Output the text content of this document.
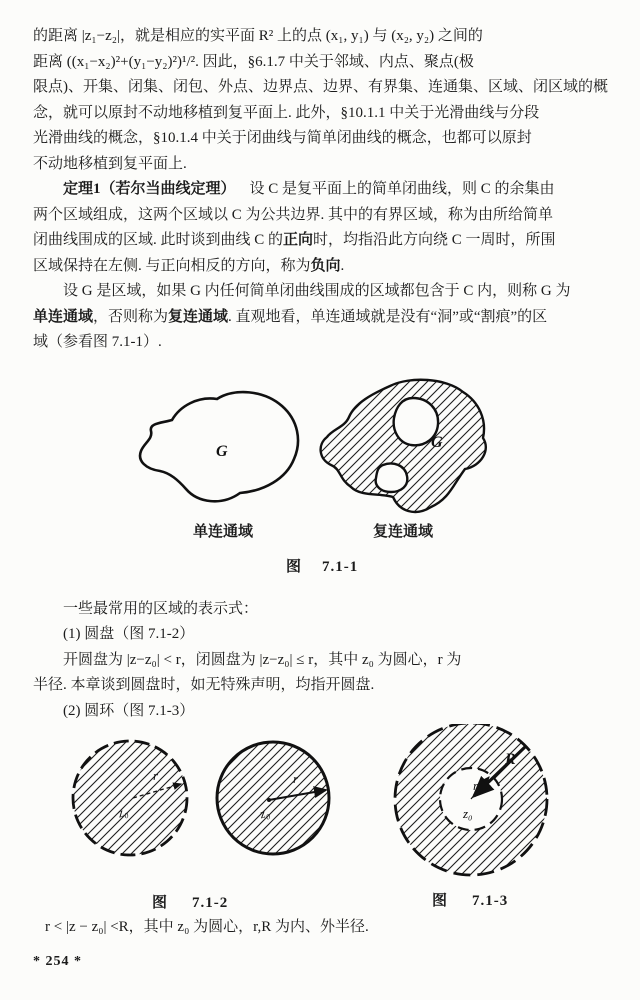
的距离 |z₁−z₂|，就是相应的实平面 R² 上的点 (x₁, y₁) 与 (x₂, y₂) 之间的
距离 ((x₁−x₂)²+(y₁−y₂)²)¹/². 因此，§6.1.7 中关于邻域、内点、聚点(极
限点)、开集、闭集、闭包、外点、边界点、边界、有界集、连通集、区域、闭区域的概
念，就可以原封不动地移植到复平面上. 此外，§10.1.1 中关于光滑曲线与分段
光滑曲线的概念，§10.1.4 中关于闭曲线与简单闭曲线的概念，也都可以原封
不动地移植到复平面上.
定理1（若尔当曲线定理） 设 C 是复平面上的简单闭曲线，则 C 的余集由
两个区域组成，这两个区域以 C 为公共边界. 其中的有界区域，称为由所给简单
闭曲线围成的区域. 此时谈到曲线 C 的正向时，均指沿此方向绕 C 一周时，所围
区域保持在左侧. 与正向相反的方向，称为负向.
设 G 是区域，如果 G 内任何简单闭曲线围成的区域都包含于 C 内，则称 G 为
单连通域，否则称为复连通域. 直观地看，单连通域就是没有“洞”或“割痕”的区
域（参看图 7.1-1）.
G
G
单连通域	复连通域
图 7.1-1
一些最常用的区域的表示式：
(1) 圆盘（图 7.1-2）
开圆盘为 |z−z₀| < r，闭圆盘为 |z−z₀| ≤ r，其中 z₀ 为圆心，r 为
半径. 本章谈到圆盘时，如无特殊声明，均指开圆盘.
(2) 圆环（图 7.1-3）
r
z₀
r
z₀
R
r
z₀
图 7.1-2	图 7.1-3
r < |z − z₀| <R，其中 z₀ 为圆心，r,R 为内、外半径.
* 254 *
